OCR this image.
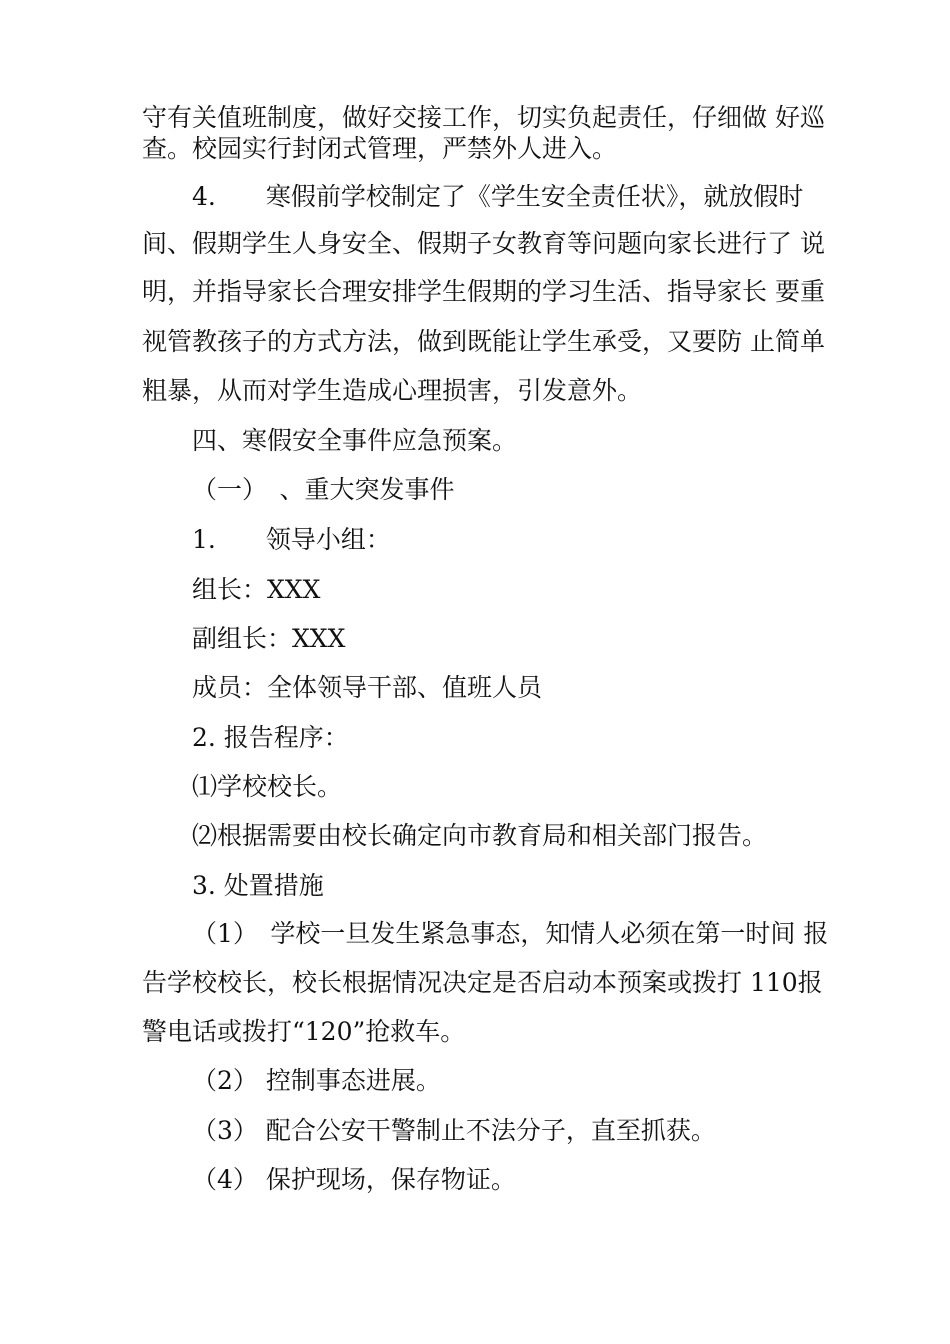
守有关值班制度，做好交接工作，切实负起责任，仔细做 好巡
查。校园实行封闭式管理，严禁外人进入。
4.　　寒假前学校制定了《学生安全责任状》，就放假时
间、假期学生人身安全、假期子女教育等问题向家长进行了 说
明，并指导家长合理安排学生假期的学习生活、指导家长 要重
视管教孩子的方式方法，做到既能让学生承受，又要防 止简单
粗暴，从而对学生造成心理损害，引发意外。
四、寒假安全事件应急预案。
（一）　、重大突发事件
1.　　领导小组：
组长：XXX
副组长：XXX
成员：全体领导干部、值班人员
2. 报告程序：
⑴学校校长。
⑵根据需要由校长确定向市教育局和相关部门报告。
3. 处置措施
（1）　学校一旦发生紧急事态，知情人必须在第一时间 报
告学校校长，校长根据情况决定是否启动本预案或拨打 110报
警电话或拨打“120”抢救车。
（2） 控制事态进展。
（3） 配合公安干警制止不法分子，直至抓获。
（4） 保护现场，保存物证。
